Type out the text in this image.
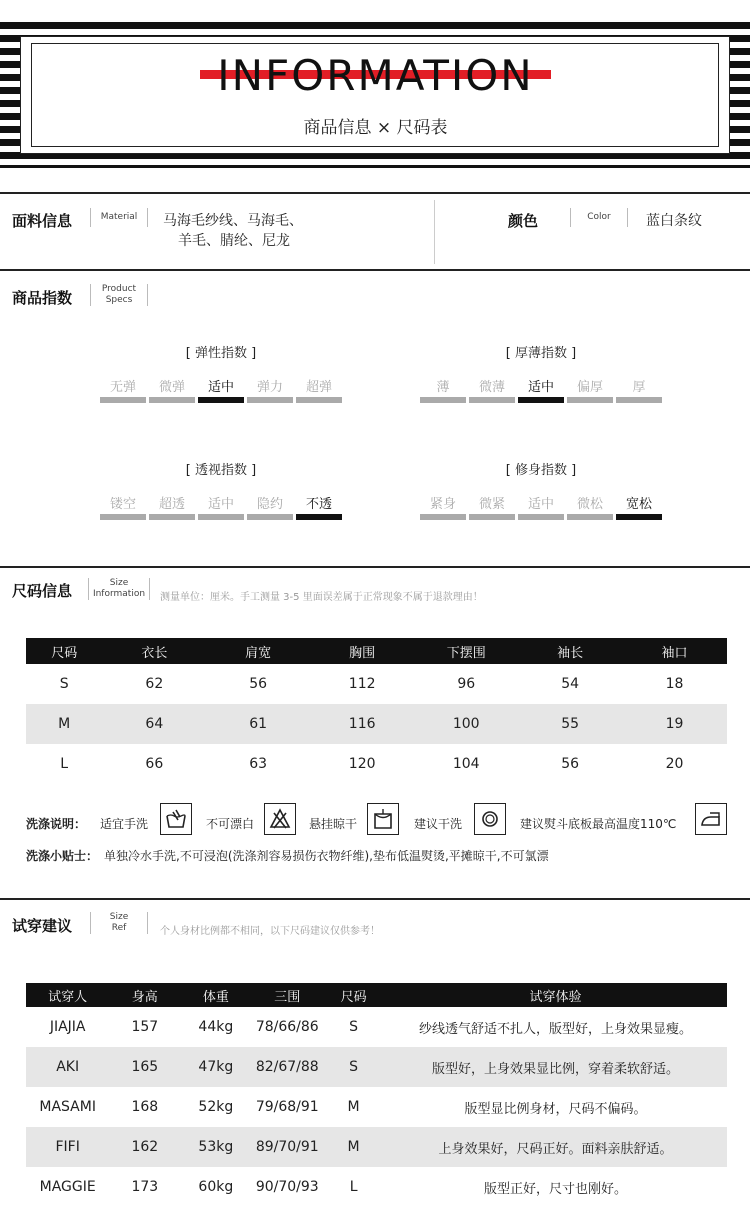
INFORMATION
商品信息 × 尺码表
面料信息	Material	马海毛纱线、马海毛、
羊毛、腈纶、尼龙
颜色	Color	蓝白条纹
商品指数	Product
Specs
[ 弹性指数 ]
无弹	微弹	适中	弹力	超弹
[ 厚薄指数 ]
薄	微薄	适中	偏厚	厚
[ 透视指数 ]
镂空	超透	适中	隐约	不透
[ 修身指数 ]
紧身	微紧	适中	微松	宽松
尺码信息	Size
Information	测量单位：厘米。手工测量 3-5 里面误差属于正常现象不属于退款理由！
尺码	衣长	肩宽	胸围	下摆围	袖长	袖口
S	62	56	112	96	54	18
M	64	61	116	100	55	19
L	66	63	120	104	56	20
洗涤说明： 适宜手洗	不可漂白	悬挂晾干	建议干洗	建议熨斗底板最高温度110℃
洗涤小贴士： 单独冷水手洗,不可浸泡(洗涤剂容易损伤衣物纤维),垫布低温熨烫,平摊晾干,不可氯漂
试穿建议	Size
Ref	个人身材比例都不相同，以下尺码建议仅供参考！
试穿人	身高	体重	三围	尺码	试穿体验
JIAJIA	157	44kg	78/66/86	S	纱线透气舒适不扎人，版型好，上身效果显瘦。
AKI	165	47kg	82/67/88	S	版型好，上身效果显比例，穿着柔软舒适。
MASAMI	168	52kg	79/68/91	M	版型显比例身材，尺码不偏码。
FIFI	162	53kg	89/70/91	M	上身效果好，尺码正好。面料亲肤舒适。
MAGGIE	173	60kg	90/70/93	L	版型正好，尺寸也刚好。
